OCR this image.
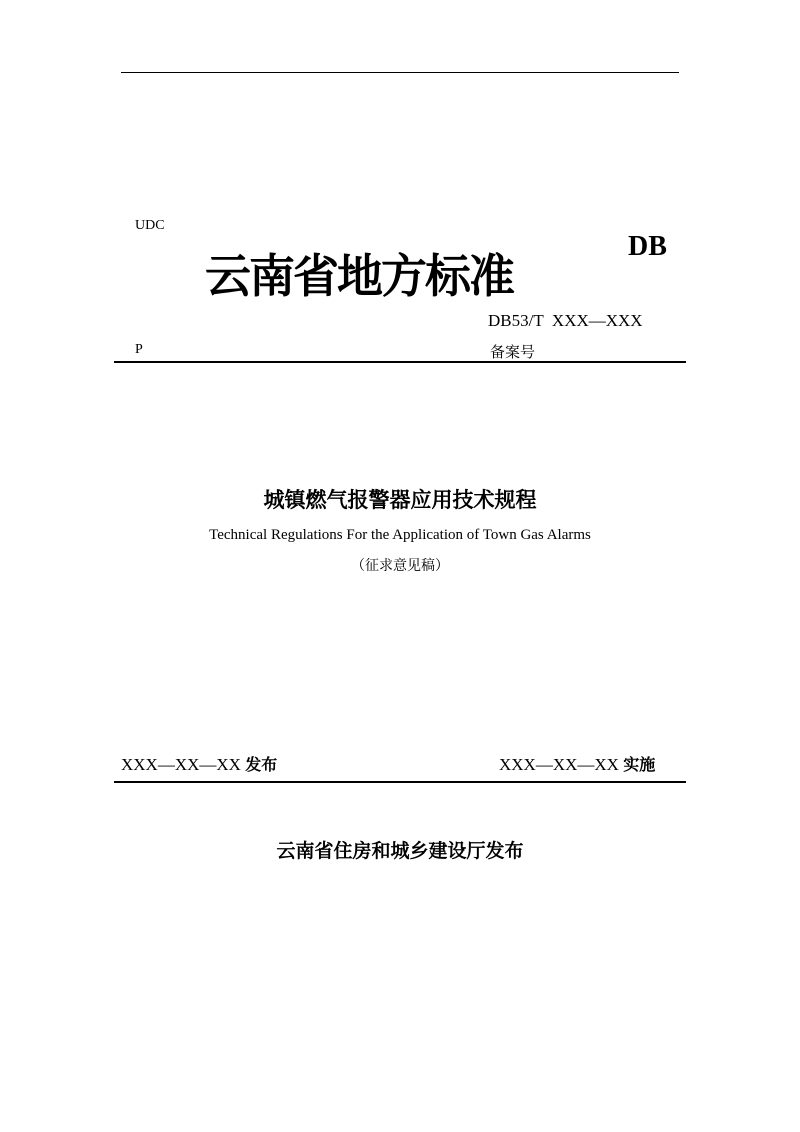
UDC
云南省地方标准
DB
DB53/T  XXX—XXX
P	备案号
城镇燃气报警器应用技术规程
Technical Regulations For the Application of Town Gas Alarms
（征求意见稿）
XXX—XX—XX 发布	XXX—XX—XX 实施
云南省住房和城乡建设厅发布
